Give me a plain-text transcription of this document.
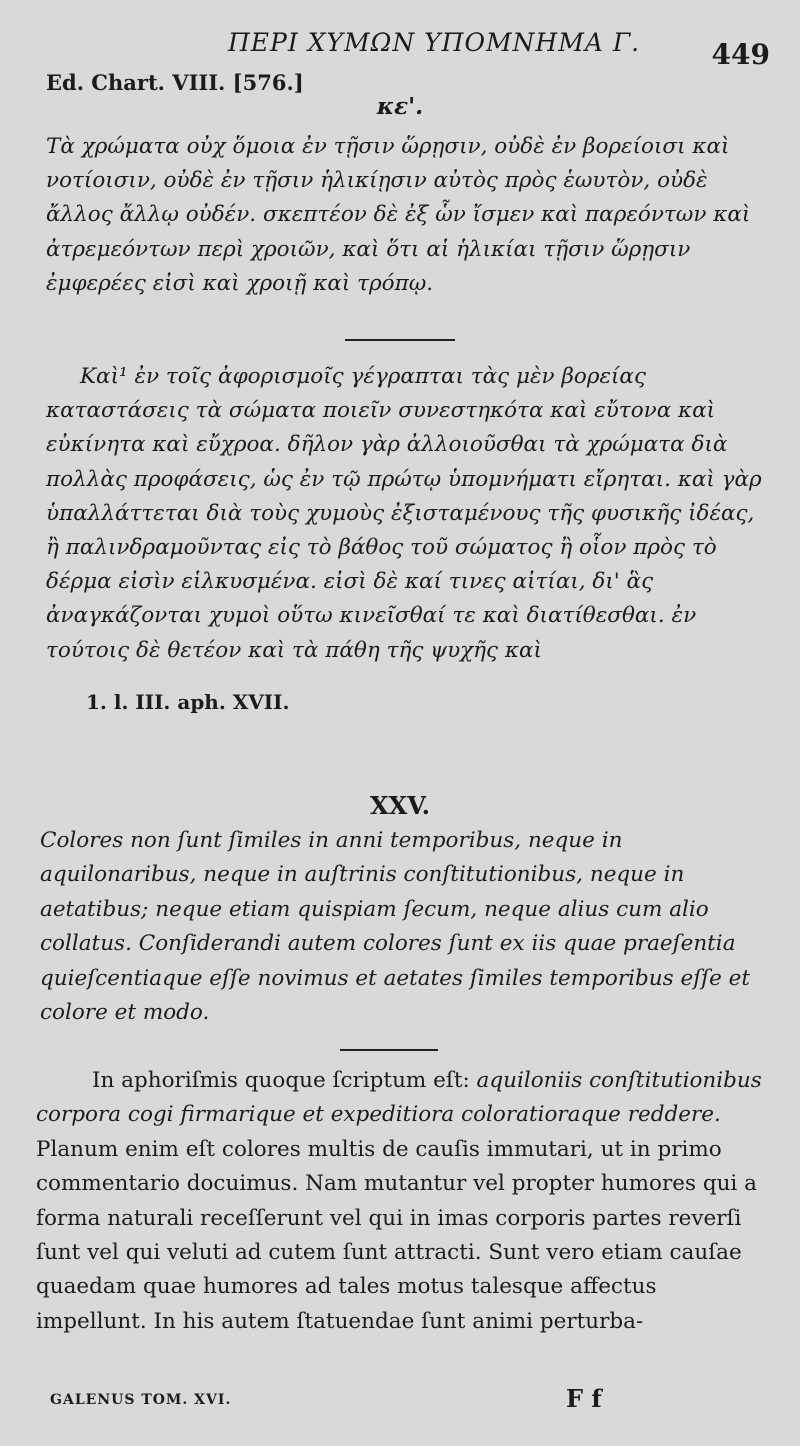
ΠΕΡΙ ΧΥΜΩΝ ΥΠΟΜΝΗΜΑ Γ.	449
Ed. Chart. VIII. [576.]
κε'.
Τὰ χρώματα οὐχ ὅμοια ἐν τῇσιν ὥρῃσιν, οὐδὲ ἐν βορείοισι καὶ νοτίοισιν, οὐδὲ ἐν τῇσιν ἡλικίῃσιν αὐτὸς πρὸς ἑωυτὸν, οὐδὲ ἄλλος ἄλλῳ οὐδέν. σκεπτέον δὲ ἐξ ὧν ἴσμεν καὶ παρεόντων καὶ ἀτρεμεόντων περὶ χροιῶν, καὶ ὅτι αἱ ἡλικίαι τῇσιν ὥρῃσιν ἐμφερέες εἰσὶ καὶ χροιῇ καὶ τρόπῳ.
Καὶ¹ ἐν τοῖς ἀφορισμοῖς γέγραπται τὰς μὲν βορείας καταστάσεις τὰ σώματα ποιεῖν συνεστηκότα καὶ εὔτονα καὶ εὐκίνητα καὶ εὔχροα. δῆλον γὰρ ἀλλοιοῦσθαι τὰ χρώματα διὰ πολλὰς προφάσεις, ὡς ἐν τῷ πρώτῳ ὑπομνήματι εἴρηται. καὶ γὰρ ὑπαλλάττεται διὰ τοὺς χυμοὺς ἐξισταμένους τῆς φυσικῆς ἰδέας, ἢ παλινδραμοῦντας εἰς τὸ βάθος τοῦ σώματος ἢ οἷον πρὸς τὸ δέρμα εἰσὶν εἱλκυσμένα. εἰσὶ δὲ καί τινες αἰτίαι, δι' ἃς ἀναγκάζονται χυμοὶ οὕτω κινεῖσθαί τε καὶ διατίθεσθαι. ἐν τούτοις δὲ θετέον καὶ τὰ πάθη τῆς ψυχῆς καὶ
1. l. III. aph. XVII.
XXV.
Colores non ſunt ſimiles in anni temporibus, neque in aquilonaribus, neque in auſtrinis conſtitutionibus, neque in aetatibus; neque etiam quispiam ſecum, neque alius cum alio collatus. Conſiderandi autem colores ſunt ex iis quae praeſentia quieſcentiaque eſſe novimus et aetates ſimiles temporibus eſſe et colore et modo.
In aphoriſmis quoque ſcriptum eſt: aquiloniis conſtitutionibus corpora cogi firmarique et expeditiora coloratioraque reddere. Planum enim eſt colores multis de cauſis immutari, ut in primo commentario docuimus. Nam mutantur vel propter humores qui a forma naturali receſſerunt vel qui in imas corporis partes reverſi ſunt vel qui veluti ad cutem ſunt attracti. Sunt vero etiam cauſae quaedam quae humores ad tales motus talesque affectus impellunt. In his autem ſtatuendae ſunt animi perturba-
GALENUS TOM. XVI.	F f
